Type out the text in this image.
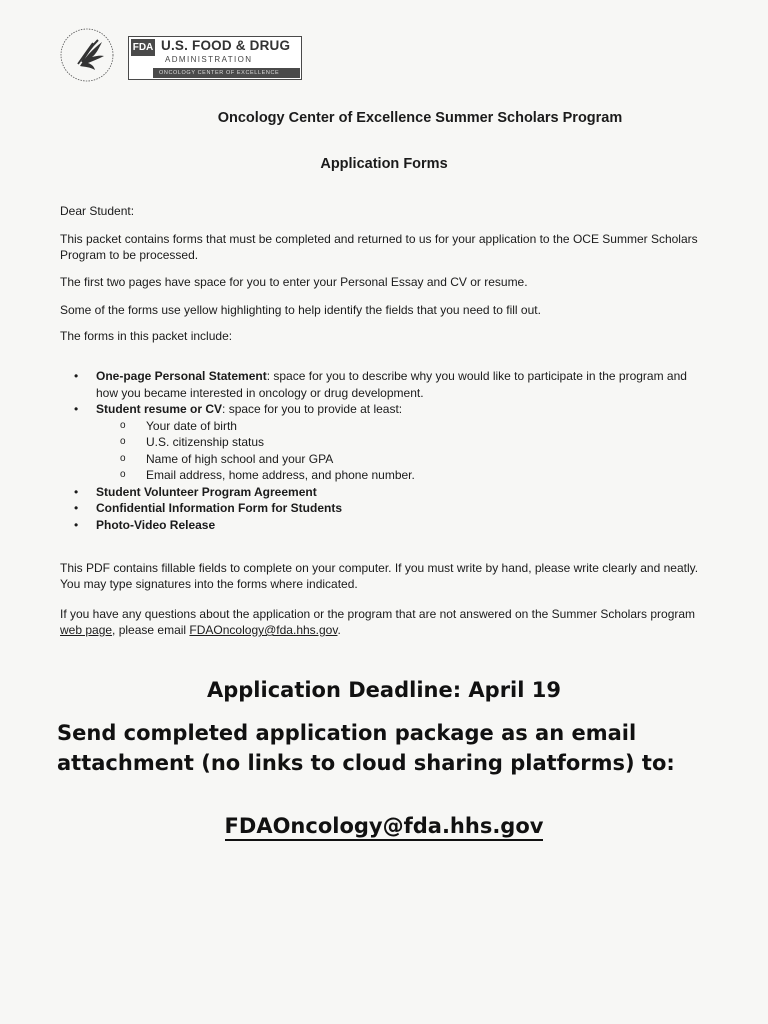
FDA U.S. FOOD & DRUG
ADMINISTRATION
ONCOLOGY CENTER OF EXCELLENCE
Oncology Center of Excellence Summer Scholars Program
Application Forms
Dear Student:
This packet contains forms that must be completed and returned to us for your application to the OCE Summer Scholars Program to be processed.
The first two pages have space for you to enter your Personal Essay and CV or resume.
Some of the forms use yellow highlighting to help identify the fields that you need to fill out.
The forms in this packet include:
• One-page Personal Statement: space for you to describe why you would like to participate in the program and how you became interested in oncology or drug development.
• Student resume or CV: space for you to provide at least:
o Your date of birth
o U.S. citizenship status
o Name of high school and your GPA
o Email address, home address, and phone number.
• Student Volunteer Program Agreement
• Confidential Information Form for Students
• Photo-Video Release
This PDF contains fillable fields to complete on your computer. If you must write by hand, please write clearly and neatly. You may type signatures into the forms where indicated.
If you have any questions about the application or the program that are not answered on the Summer Scholars program web page, please email FDAOncology@fda.hhs.gov.
Application Deadline: April 19
Send completed application package as an email attachment (no links to cloud sharing platforms) to:
FDAOncology@fda.hhs.gov
